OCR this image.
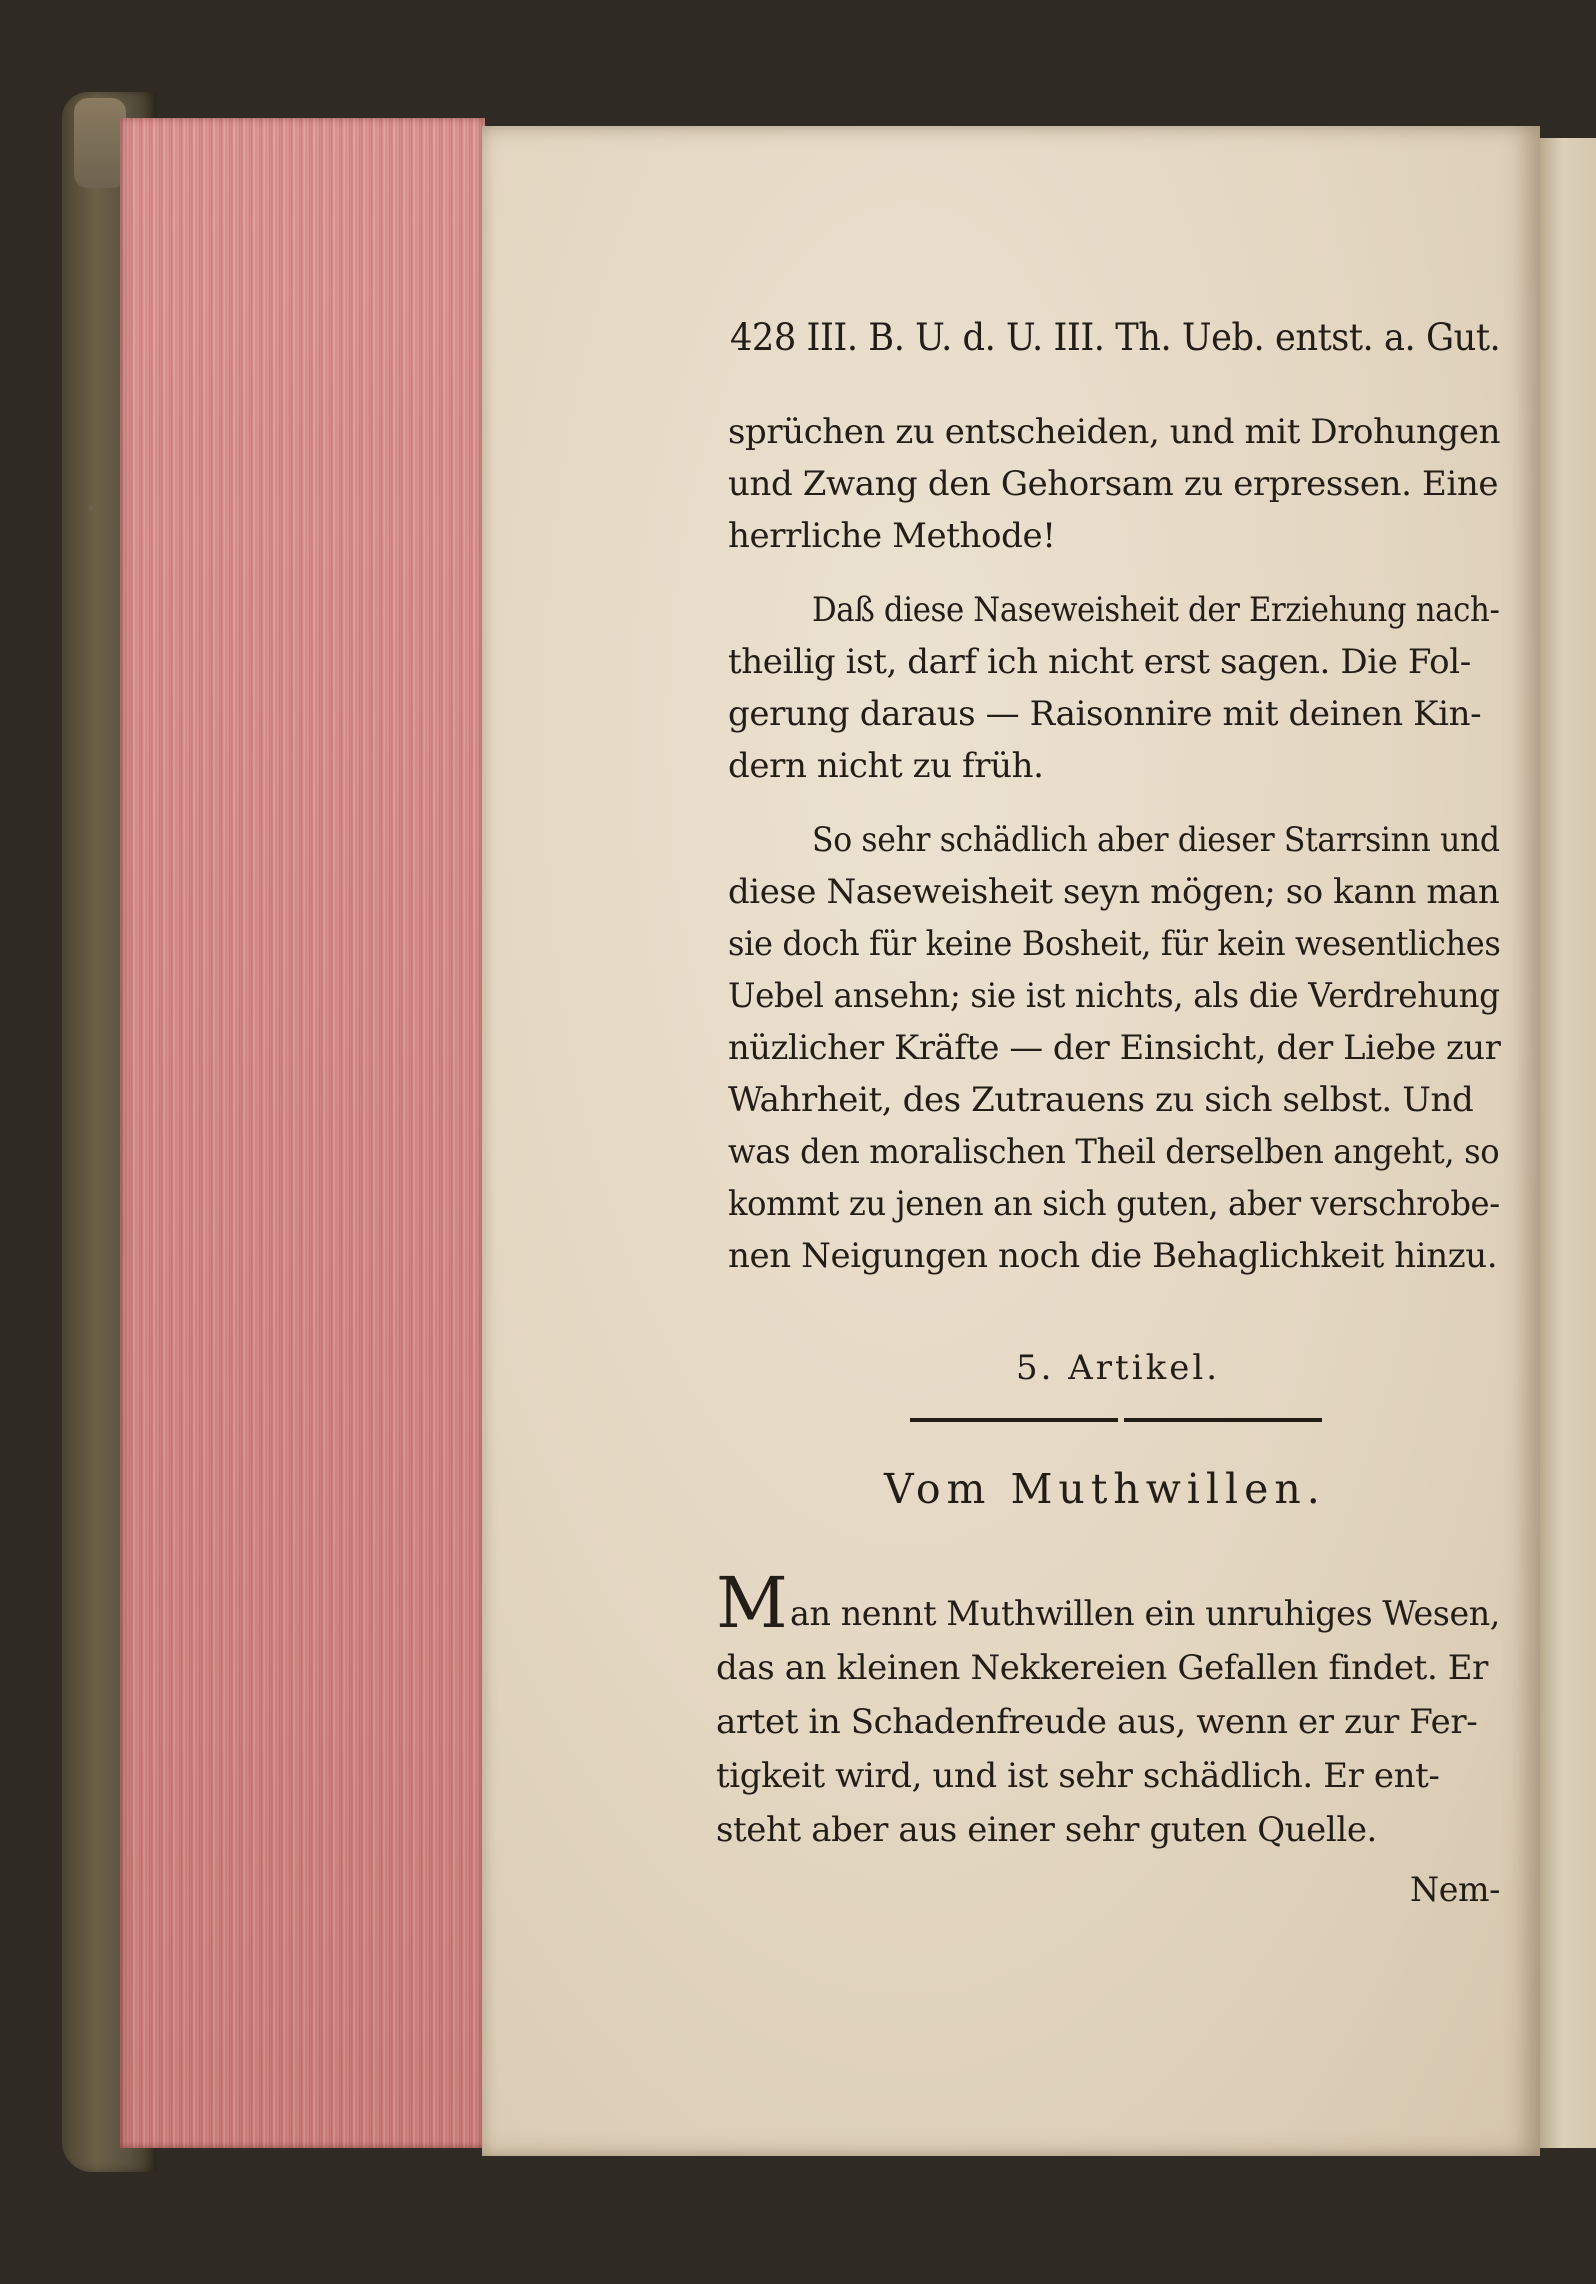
428 III. B. U. d. U. III. Th. Ueb. entst. a. Gut.
sprüchen zu entscheiden, und mit Drohungen
und Zwang den Gehorsam zu erpressen. Eine
herrliche Methode!
Daß diese Naseweisheit der Erziehung nach-
theilig ist, darf ich nicht erst sagen. Die Fol-
gerung daraus — Raisonnire mit deinen Kin-
dern nicht zu früh.
So sehr schädlich aber dieser Starrsinn und
diese Naseweisheit seyn mögen; so kann man
sie doch für keine Bosheit, für kein wesentliches
Uebel ansehn; sie ist nichts, als die Verdrehung
nüzlicher Kräfte — der Einsicht, der Liebe zur
Wahrheit, des Zutrauens zu sich selbst. Und
was den moralischen Theil derselben angeht, so
kommt zu jenen an sich guten, aber verschrobe-
nen Neigungen noch die Behaglichkeit hinzu.
5. Artikel.
Vom Muthwillen.
M an nennt Muthwillen ein unruhiges Wesen,
das an kleinen Nekkereien Gefallen findet. Er
artet in Schadenfreude aus, wenn er zur Fer-
tigkeit wird, und ist sehr schädlich. Er ent-
steht aber aus einer sehr guten Quelle.
Nem-
